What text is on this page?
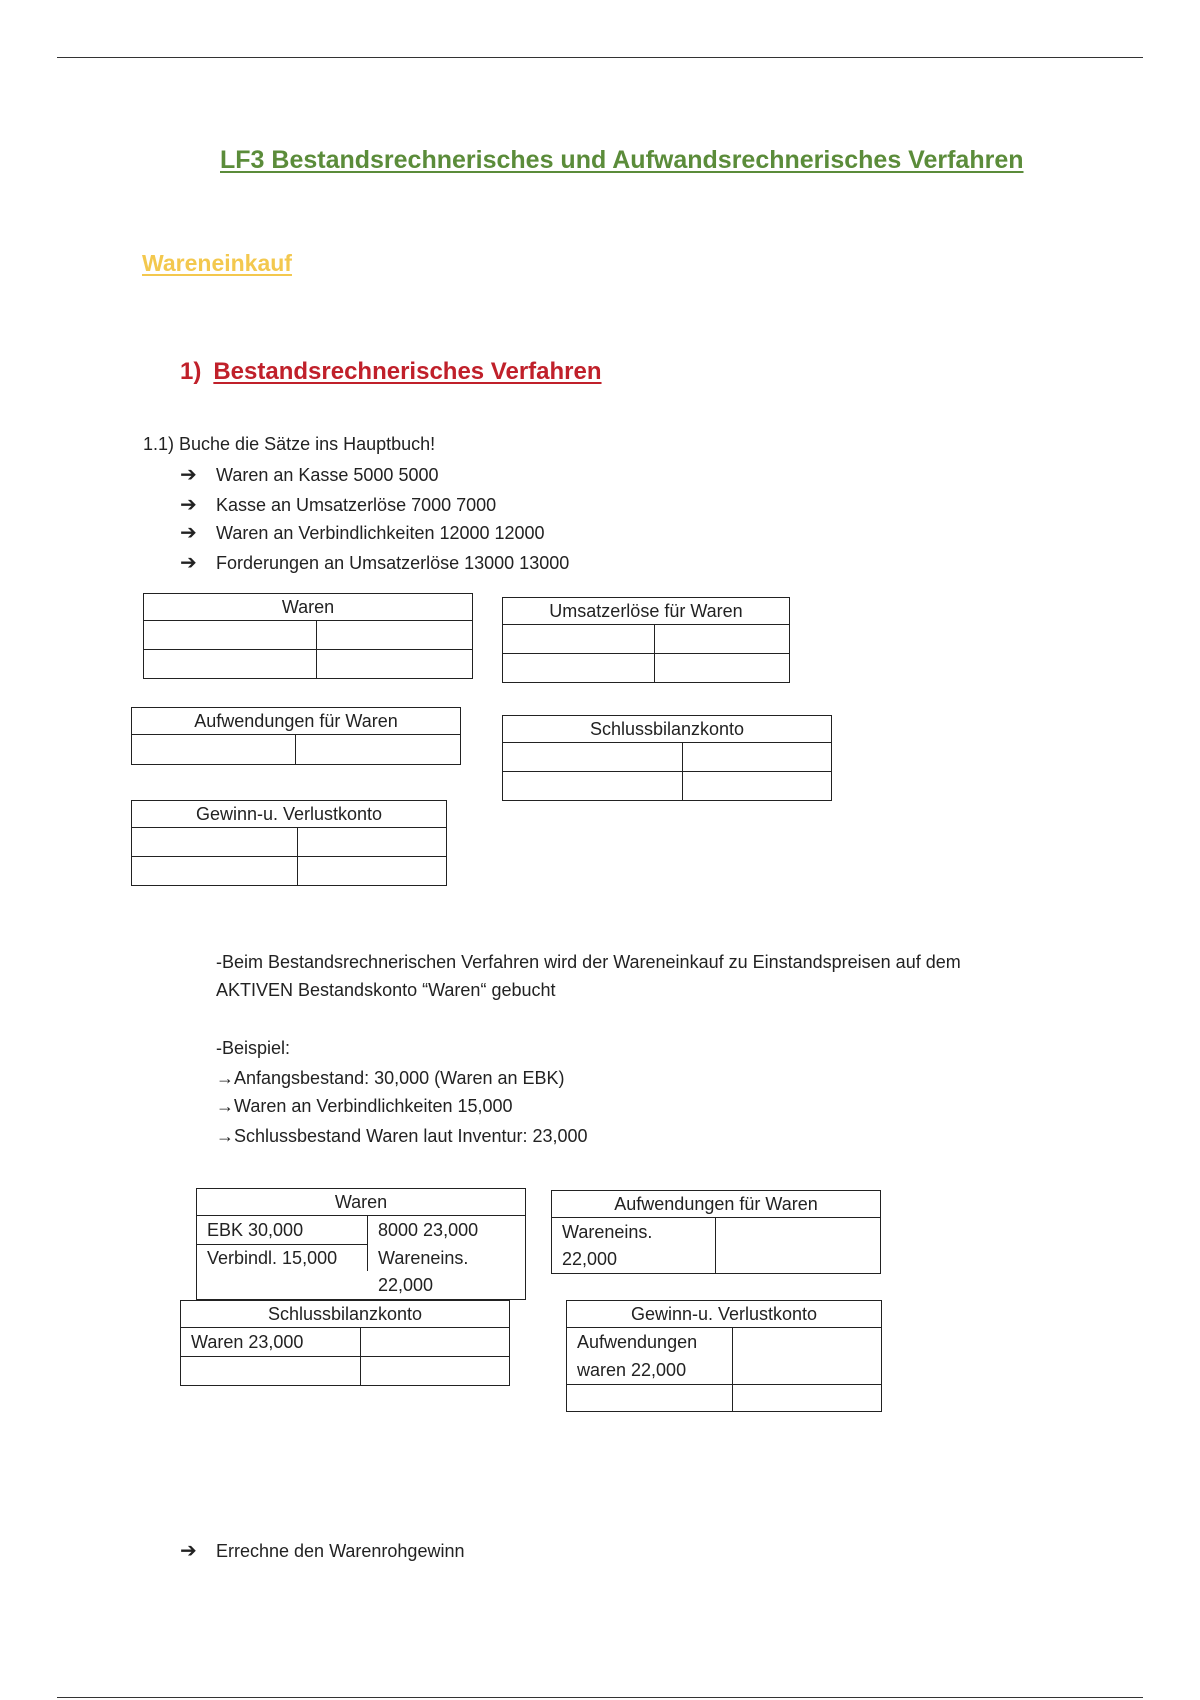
LF3 Bestandsrechnerisches und Aufwandsrechnerisches Verfahren
Wareneinkauf
1) Bestandsrechnerisches Verfahren
1.1) Buche die Sätze ins Hauptbuch!
➔ Waren an Kasse 5000 5000
➔ Kasse an Umsatzerlöse 7000 7000
➔ Waren an Verbindlichkeiten 12000 12000
➔ Forderungen an Umsatzerlöse 13000 13000
Waren	Umsatzerlöse für Waren
Aufwendungen für Waren	Schlussbilanzkonto
Gewinn-u. Verlustkonto
-Beim Bestandsrechnerischen Verfahren wird der Wareneinkauf zu Einstandspreisen auf dem
AKTIVEN Bestandskonto “Waren“ gebucht
-Beispiel:
→Anfangsbestand: 30,000 (Waren an EBK)
→Waren an Verbindlichkeiten 15,000
→Schlussbestand Waren laut Inventur: 23,000
Waren
EBK 30,000
Verbindl. 15,000
8000 23,000
Wareneins.
22,000
Aufwendungen für Waren
Wareneins.
22,000
Schlussbilanzkonto
Waren 23,000
Gewinn-u. Verlustkonto
Aufwendungen
waren 22,000
➔ Errechne den Warenrohgewinn
